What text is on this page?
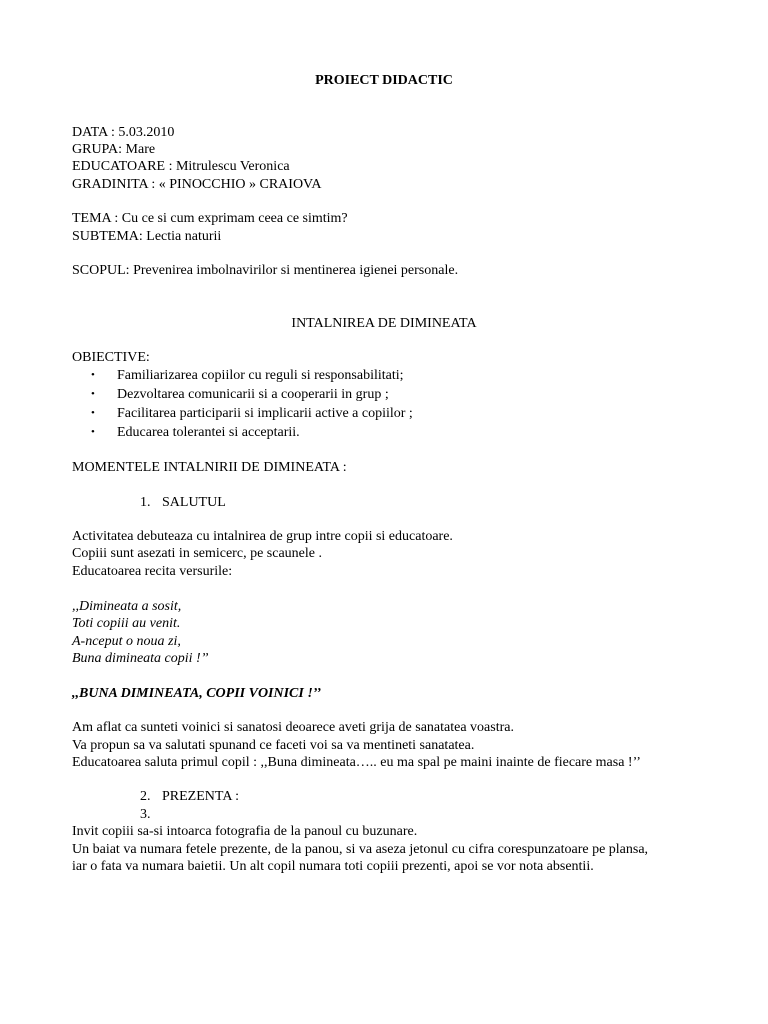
PROIECT DIDACTIC
DATA : 5.03.2010
GRUPA: Mare
EDUCATOARE : Mitrulescu Veronica
GRADINITA : « PINOCCHIO » CRAIOVA
TEMA : Cu ce si cum exprimam ceea ce simtim?
SUBTEMA: Lectia naturii
SCOPUL: Prevenirea imbolnavirilor si mentinerea igienei personale.
INTALNIREA DE DIMINEATA
OBIECTIVE:
• Familiarizarea copiilor cu reguli si responsabilitati;
• Dezvoltarea comunicarii si a cooperarii in grup ;
• Facilitarea participarii si implicarii active a copiilor ;
• Educarea tolerantei si acceptarii.
MOMENTELE INTALNIRII DE DIMINEATA :
1. SALUTUL
Activitatea debuteaza cu intalnirea de grup intre copii si educatoare.
Copiii sunt asezati in semicerc, pe scaunele .
Educatoarea recita versurile:
,,Dimineata a sosit,
Toti copiii au venit.
A-nceput o noua zi,
Buna dimineata copii !’’
,,BUNA DIMINEATA, COPII VOINICI !’’
Am aflat ca sunteti voinici si sanatosi deoarece aveti grija de sanatatea voastra.
Va propun sa va salutati spunand ce faceti voi sa va mentineti sanatatea.
Educatoarea saluta primul copil : ,,Buna dimineata….. eu ma spal pe maini inainte de fiecare masa !’’
2. PREZENTA :
3.
Invit copiii sa-si intoarca fotografia de la panoul cu buzunare.
Un baiat va numara fetele prezente, de la panou, si va aseza jetonul cu cifra corespunzatoare pe plansa,
iar o fata va numara baietii. Un alt copil numara toti copiii prezenti, apoi se vor nota absentii.
